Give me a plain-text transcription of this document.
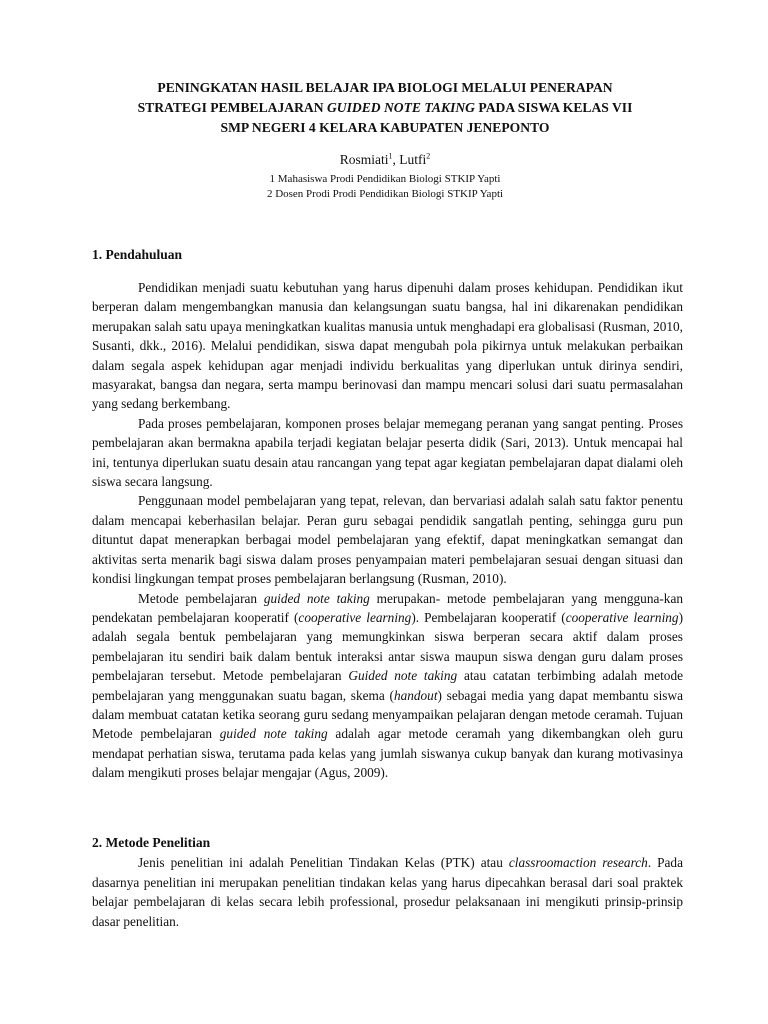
PENINGKATAN HASIL BELAJAR IPA BIOLOGI MELALUI PENERAPAN
STRATEGI PEMBELAJARAN GUIDED NOTE TAKING PADA SISWA KELAS VII
SMP NEGERI 4 KELARA KABUPATEN JENEPONTO
Rosmiati$^1$, Lutfi$^2$
1 Mahasiswa Prodi Pendidikan Biologi STKIP Yapti
2 Dosen Prodi Prodi Pendidikan Biologi STKIP Yapti
1. Pendahuluan

Pendidikan menjadi suatu kebutuhan yang harus dipenuhi dalam proses kehidupan. Pendidikan ikut berperan dalam mengembangkan manusia dan kelangsungan suatu bangsa, hal ini dikarenakan pendidikan merupakan salah satu upaya meningkatkan kualitas manusia untuk menghadapi era globalisasi (Rusman, 2010, Susanti, dkk., 2016). Melalui pendidikan, siswa dapat mengubah pola pikirnya untuk melakukan perbaikan dalam segala aspek kehidupan agar menjadi individu berkualitas yang diperlukan untuk dirinya sendiri, masyarakat, bangsa dan negara, serta mampu berinovasi dan mampu mencari solusi dari suatu permasalahan yang sedang berkembang.

Pada proses pembelajaran, komponen proses belajar memegang peranan yang sangat penting. Proses pembelajaran akan bermakna apabila terjadi kegiatan belajar peserta didik (Sari, 2013). Untuk mencapai hal ini, tentunya diperlukan suatu desain atau rancangan yang tepat agar kegiatan pembelajaran dapat dialami oleh siswa secara langsung.

Penggunaan model pembelajaran yang tepat, relevan, dan bervariasi adalah salah satu faktor penentu dalam mencapai keberhasilan belajar. Peran guru sebagai pendidik sangatlah penting, sehingga guru pun dituntut dapat menerapkan berbagai model pembelajaran yang efektif, dapat meningkatkan semangat dan aktivitas serta menarik bagi siswa dalam proses penyampaian materi pembelajaran sesuai dengan situasi dan kondisi lingkungan tempat proses pembelajaran berlangsung (Rusman, 2010).

Metode pembelajaran guided note taking merupakan- metode pembelajaran yang mengguna-kan pendekatan pembelajaran kooperatif (cooperative learning). Pembelajaran kooperatif (cooperative learning) adalah segala bentuk pembelajaran yang memungkinkan siswa berperan secara aktif dalam proses pembelajaran itu sendiri baik dalam bentuk interaksi antar siswa maupun siswa dengan guru dalam proses pembelajaran tersebut. Metode pembelajaran Guided note taking atau catatan terbimbing adalah metode pembelajaran yang menggunakan suatu bagan, skema (handout) sebagai media yang dapat membantu siswa dalam membuat catatan ketika seorang guru sedang menyampaikan pelajaran dengan metode ceramah. Tujuan Metode pembelajaran guided note taking adalah agar metode ceramah yang dikembangkan oleh guru mendapat perhatian siswa, terutama pada kelas yang jumlah siswanya cukup banyak dan kurang motivasinya dalam mengikuti proses belajar mengajar (Agus, 2009).

2. Metode Penelitian

Jenis penelitian ini adalah Penelitian Tindakan Kelas (PTK) atau classroomaction research. Pada dasarnya penelitian ini merupakan penelitian tindakan kelas yang harus dipecahkan berasal dari soal praktek belajar pembelajaran di kelas secara lebih professional, prosedur pelaksanaan ini mengikuti prinsip-prinsip dasar penelitian.
